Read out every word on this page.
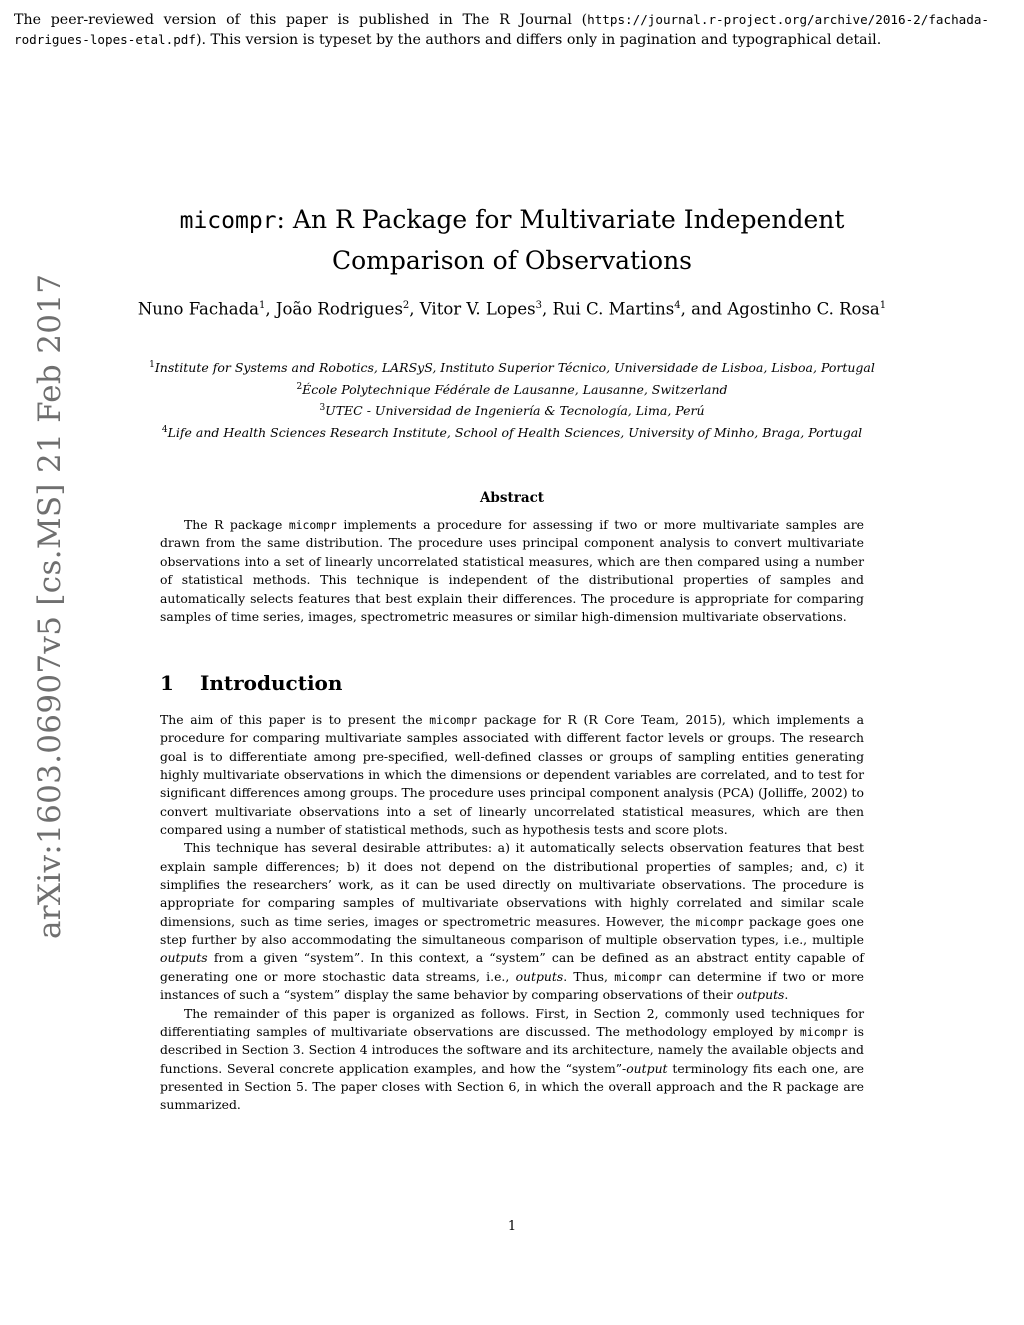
The peer-reviewed version of this paper is published in The R Journal (https://journal.r-project.org/archive/2016-2/fachada-rodrigues-lopes-etal.pdf). This version is typeset by the authors and differs only in pagination and typographical detail.
arXiv:1603.06907v5 [cs.MS] 21 Feb 2017
micompr: An R Package for Multivariate Independent Comparison of Observations
Nuno Fachada$^1$, João Rodrigues$^2$, Vitor V. Lopes$^3$, Rui C. Martins$^4$, and Agostinho C. Rosa$^1$
$^1$Institute for Systems and Robotics, LARSyS, Instituto Superior Técnico, Universidade de Lisboa, Lisboa, Portugal
$^2$École Polytechnique Fédérale de Lausanne, Lausanne, Switzerland
$^3$UTEC - Universidad de Ingeniería & Tecnología, Lima, Perú
$^4$Life and Health Sciences Research Institute, School of Health Sciences, University of Minho, Braga, Portugal
Abstract
The R package micompr implements a procedure for assessing if two or more multivariate samples are drawn from the same distribution. The procedure uses principal component analysis to convert multivariate observations into a set of linearly uncorrelated statistical measures, which are then compared using a number of statistical methods. This technique is independent of the distributional properties of samples and automatically selects features that best explain their differences. The procedure is appropriate for comparing samples of time series, images, spectrometric measures or similar high-dimension multivariate observations.
1 Introduction

The aim of this paper is to present the micompr package for R (R Core Team, 2015), which implements a procedure for comparing multivariate samples associated with different factor levels or groups. The research goal is to differentiate among pre-specified, well-defined classes or groups of sampling entities generating highly multivariate observations in which the dimensions or dependent variables are correlated, and to test for significant differences among groups. The procedure uses principal component analysis (PCA) (Jolliffe, 2002) to convert multivariate observations into a set of linearly uncorrelated statistical measures, which are then compared using a number of statistical methods, such as hypothesis tests and score plots.

This technique has several desirable attributes: a) it automatically selects observation features that best explain sample differences; b) it does not depend on the distributional properties of samples; and, c) it simplifies the researchers’ work, as it can be used directly on multivariate observations. The procedure is appropriate for comparing samples of multivariate observations with highly correlated and similar scale dimensions, such as time series, images or spectrometric measures. However, the micompr package goes one step further by also accommodating the simultaneous comparison of multiple observation types, i.e., multiple outputs from a given “system”. In this context, a “system” can be defined as an abstract entity capable of generating one or more stochastic data streams, i.e., outputs. Thus, micompr can determine if two or more instances of such a “system” display the same behavior by comparing observations of their outputs.

The remainder of this paper is organized as follows. First, in Section 2, commonly used techniques for differentiating samples of multivariate observations are discussed. The methodology employed by micompr is described in Section 3. Section 4 introduces the software and its architecture, namely the available objects and functions. Several concrete application examples, and how the “system”-output terminology fits each one, are presented in Section 5. The paper closes with Section 6, in which the overall approach and the R package are summarized.

1
